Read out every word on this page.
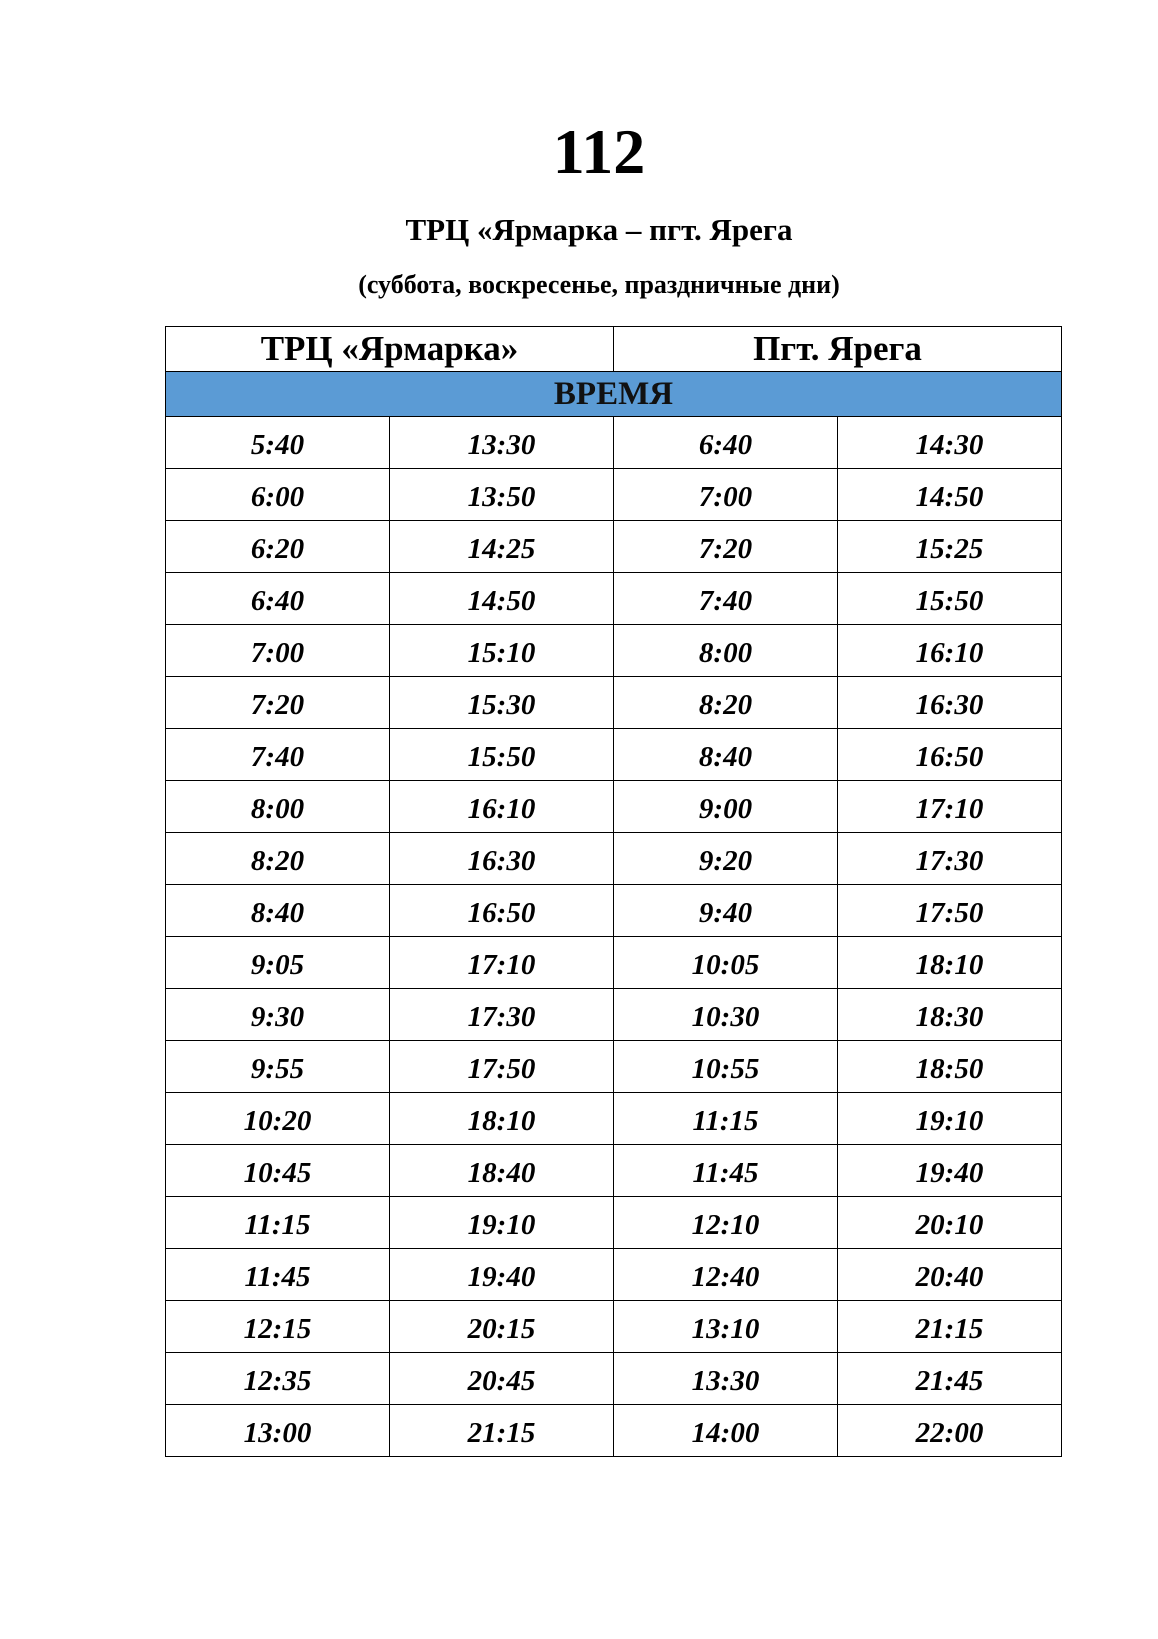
112
ТРЦ «Ярмарка – пгт. Ярега
(суббота, воскресенье, праздничные дни)
ТРЦ «Ярмарка»		Пгт. Ярега	
ВРЕМЯ			
5:40	13:30	6:40	14:30
6:00	13:50	7:00	14:50
6:20	14:25	7:20	15:25
6:40	14:50	7:40	15:50
7:00	15:10	8:00	16:10
7:20	15:30	8:20	16:30
7:40	15:50	8:40	16:50
8:00	16:10	9:00	17:10
8:20	16:30	9:20	17:30
8:40	16:50	9:40	17:50
9:05	17:10	10:05	18:10
9:30	17:30	10:30	18:30
9:55	17:50	10:55	18:50
10:20	18:10	11:15	19:10
10:45	18:40	11:45	19:40
11:15	19:10	12:10	20:10
11:45	19:40	12:40	20:40
12:15	20:15	13:10	21:15
12:35	20:45	13:30	21:45
13:00	21:15	14:00	22:00
